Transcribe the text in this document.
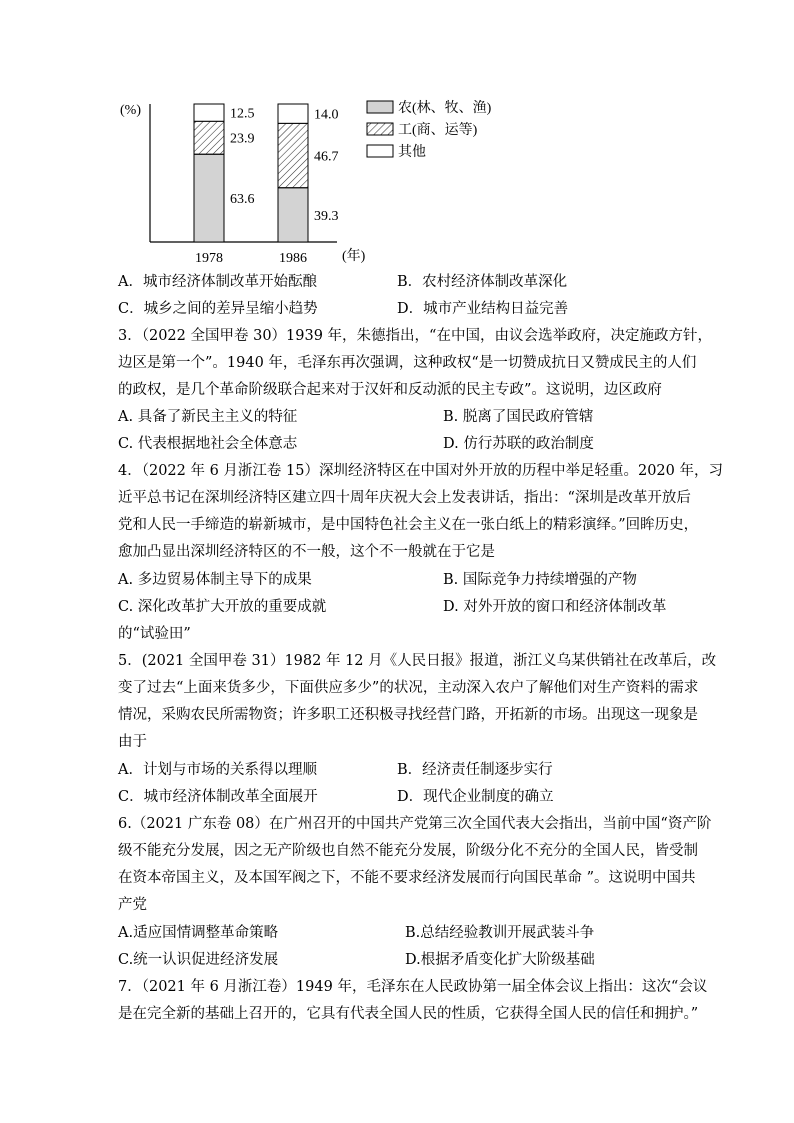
(%)
(年)
63.6
23.9
12.5
1978
39.3
46.7
14.0
1986
农(林、牧、渔)
工(商、运等)
其他
A．城市经济体制改革开始酝酿	B．农村经济体制改革深化
C．城乡之间的差异呈缩小趋势	D．城市产业结构日益完善
3．（2022 全国甲卷 30）1939 年，朱德指出，“在中国，由议会选举政府，决定施政方针，
边区是第一个”。1940 年，毛泽东再次强调，这种政权“是一切赞成抗日又赞成民主的人们
的政权，是几个革命阶级联合起来对于汉奸和反动派的民主专政”。这说明，边区政府
A. 具备了新民主主义的特征	B. 脱离了国民政府管辖
C. 代表根据地社会全体意志	D. 仿行苏联的政治制度
4．（2022 年 6 月浙江卷 15）深圳经济特区在中国对外开放的历程中举足轻重。2020 年，习
近平总书记在深圳经济特区建立四十周年庆祝大会上发表讲话，指出：“深圳是改革开放后
党和人民一手缔造的崭新城市，是中国特色社会主义在一张白纸上的精彩演绎。”回眸历史，
愈加凸显出深圳经济特区的不一般，这个不一般就在于它是
A. 多边贸易体制主导下的成果	B. 国际竞争力持续增强的产物
C. 深化改革扩大开放的重要成就	D. 对外开放的窗口和经济体制改革
的“试验田”
5．(2021 全国甲卷 31）1982 年 12 月《人民日报》报道，浙江义乌某供销社在改革后，改
变了过去“上面来货多少，下面供应多少”的状况，主动深入农户了解他们对生产资料的需求
情况，采购农民所需物资；许多职工还积极寻找经营门路，开拓新的市场。出现这一现象是
由于
A．计划与市场的关系得以理顺	B．经济责任制逐步实行
C．城市经济体制改革全面展开	D．现代企业制度的确立
6.（2021 广东卷 08）在广州召开的中国共产党第三次全国代表大会指出，当前中国“资产阶
级不能充分发展，因之无产阶级也自然不能充分发展，阶级分化不充分的全国人民，皆受制
在资本帝国主义，及本国军阀之下，不能不要求经济发展而行向国民革命 ”。这说明中国共
产党
A.适应国情调整革命策略	B.总结经验教训开展武装斗争
C.统一认识促进经济发展	D.根据矛盾变化扩大阶级基础
7．（2021 年 6 月浙江卷）1949 年，毛泽东在人民政协第一届全体会议上指出：这次“会议
是在完全新的基础上召开的，它具有代表全国人民的性质，它获得全国人民的信任和拥护。”
